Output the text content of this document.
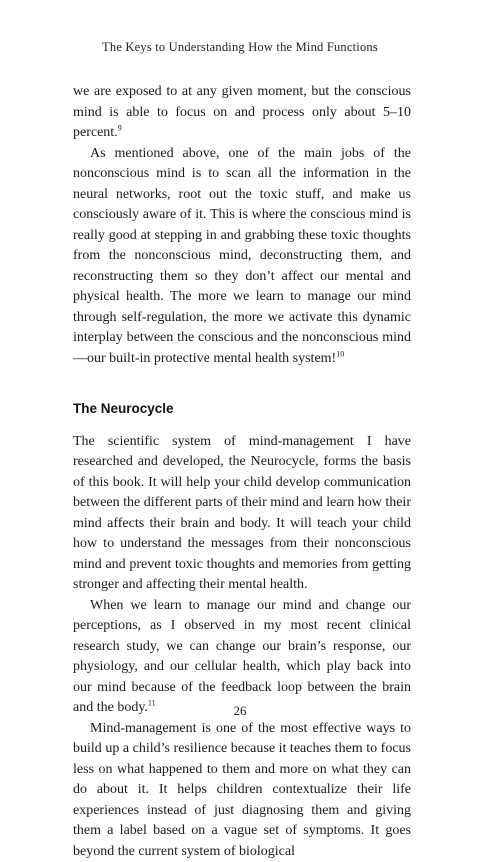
The Keys to Understanding How the Mind Functions

we are exposed to at any given moment, but the conscious mind is able to focus on and process only about 5–10 percent.$^9$

As mentioned above, one of the main jobs of the nonconscious mind is to scan all the information in the neural networks, root out the toxic stuff, and make us consciously aware of it. This is where the conscious mind is really good at stepping in and grabbing these toxic thoughts from the nonconscious mind, deconstructing them, and reconstructing them so they don’t affect our mental and physical health. The more we learn to manage our mind through self-regulation, the more we activate this dynamic interplay between the conscious and the nonconscious mind—our built-in protective mental health system!$^{10}$

The Neurocycle

The scientific system of mind-management I have researched and developed, the Neurocycle, forms the basis of this book. It will help your child develop communication between the different parts of their mind and learn how their mind affects their brain and body. It will teach your child how to understand the messages from their nonconscious mind and prevent toxic thoughts and memories from getting stronger and affecting their mental health.

When we learn to manage our mind and change our perceptions, as I observed in my most recent clinical research study, we can change our brain’s response, our physiology, and our cellular health, which play back into our mind because of the feedback loop between the brain and the body.$^{11}$

Mind-management is one of the most effective ways to build up a child’s resilience because it teaches them to focus less on what happened to them and more on what they can do about it. It helps children contextualize their life experiences instead of just diagnosing them and giving them a label based on a vague set of symptoms. It goes beyond the current system of biological

26
